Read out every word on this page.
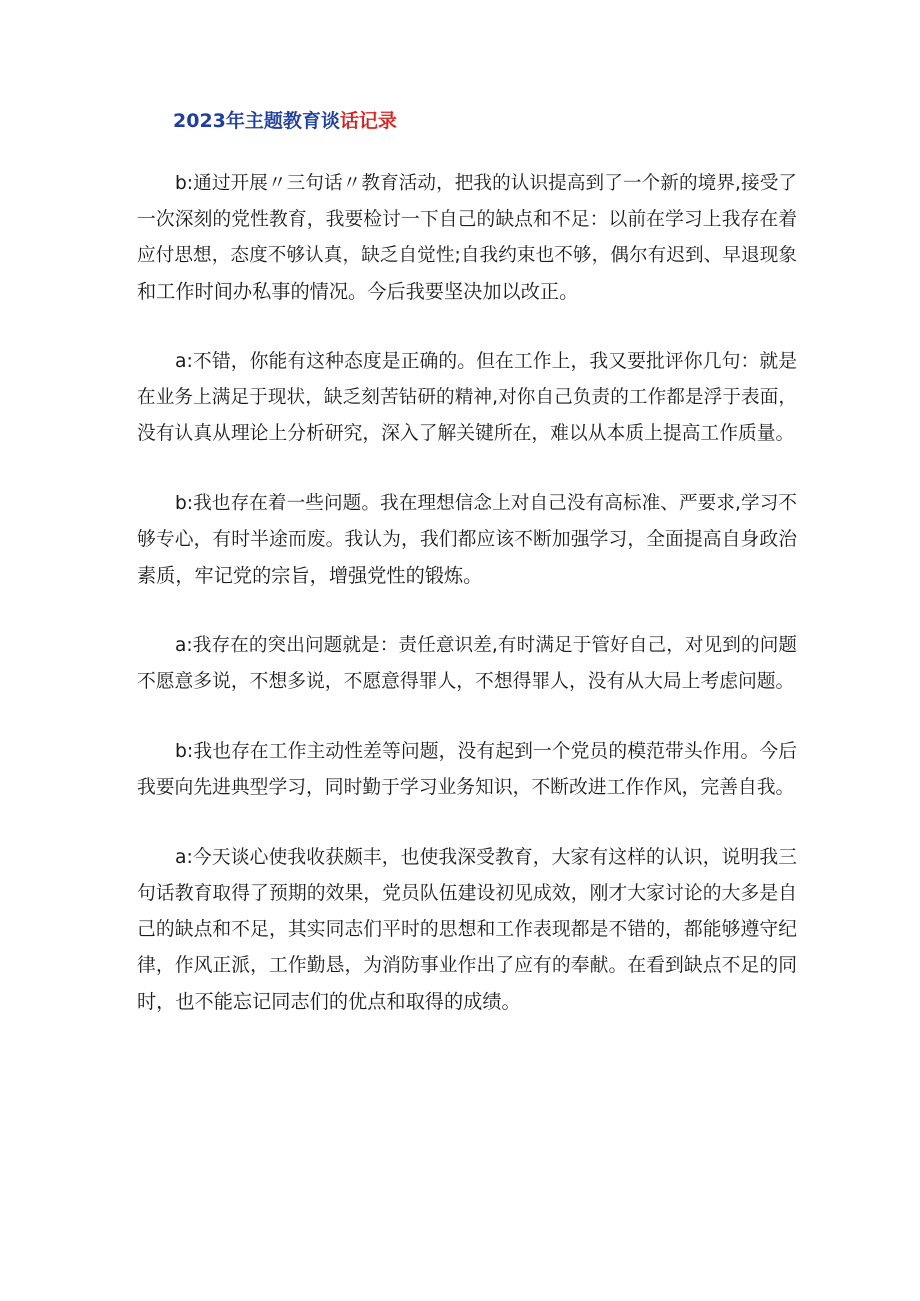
2023年主题教育谈话记录
b:通过开展〃三句话〃教育活动，把我的认识提高到了一个新的境界,接受了
一次深刻的党性教育，我要检讨一下自己的缺点和不足：以前在学习上我存在着
应付思想，态度不够认真，缺乏自觉性;自我约束也不够，偶尔有迟到、早退现象
和工作时间办私事的情况。今后我要坚决加以改正。
a:不错，你能有这种态度是正确的。但在工作上，我又要批评你几句：就是
在业务上满足于现状，缺乏刻苦钻研的精神,对你自己负责的工作都是浮于表面，
没有认真从理论上分析研究，深入了解关键所在，难以从本质上提高工作质量。
b:我也存在着一些问题。我在理想信念上对自己没有高标准、严要求,学习不
够专心，有时半途而废。我认为，我们都应该不断加强学习，全面提高自身政治
素质，牢记党的宗旨，增强党性的锻炼。
a:我存在的突出问题就是：责任意识差,有时满足于管好自己，对见到的问题
不愿意多说，不想多说，不愿意得罪人，不想得罪人，没有从大局上考虑问题。
b:我也存在工作主动性差等问题，没有起到一个党员的模范带头作用。今后
我要向先进典型学习，同时勤于学习业务知识，不断改进工作作风，完善自我。
a:今天谈心使我收获颇丰，也使我深受教育，大家有这样的认识，说明我三
句话教育取得了预期的效果，党员队伍建设初见成效，刚才大家讨论的大多是自
己的缺点和不足，其实同志们平时的思想和工作表现都是不错的，都能够遵守纪
律，作风正派，工作勤恳，为消防事业作出了应有的奉献。在看到缺点不足的同
时，也不能忘记同志们的优点和取得的成绩。
